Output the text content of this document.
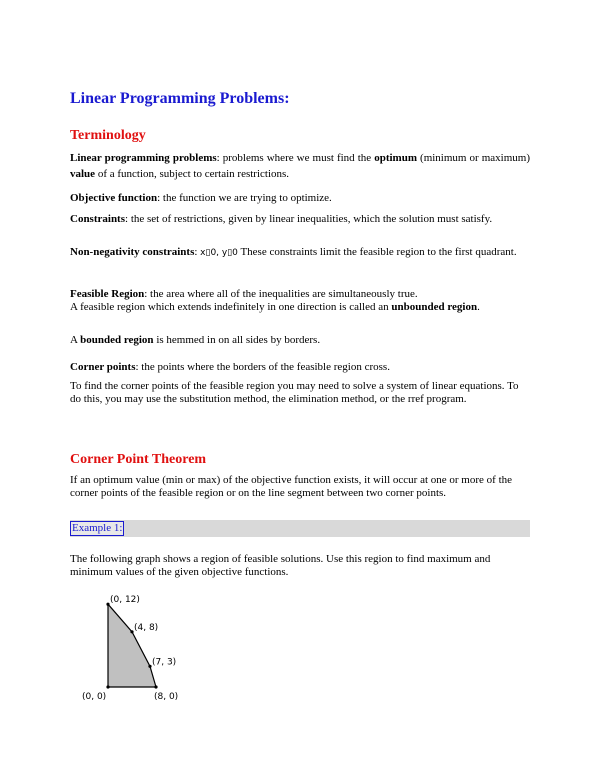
Linear Programming Problems:
Terminology
Linear programming problems: problems where we must find the optimum (minimum or maximum) value of a function, subject to certain restrictions.
Objective function: the function we are trying to optimize.
Constraints: the set of restrictions, given by linear inequalities, which the solution must satisfy.
Non-negativity constraints: x▯0, y▯0 These constraints limit the feasible region to the first quadrant.
Feasible Region: the area where all of the inequalities are simultaneously true.
A feasible region which extends indefinitely in one direction is called an unbounded region.
A bounded region is hemmed in on all sides by borders.
Corner points: the points where the borders of the feasible region cross.
To find the corner points of the feasible region you may need to solve a system of linear equations. To do this, you may use the substitution method, the elimination method, or the rref program.
Corner Point Theorem
If an optimum value (min or max) of the objective function exists, it will occur at one or more of the corner points of the feasible region or on the line segment between two corner points.
Example 1:
The following graph shows a region of feasible solutions. Use this region to find maximum and minimum values of the given objective functions.
(0, 12)
(4, 8)
(7, 3)
(8, 0)
(0, 0)
